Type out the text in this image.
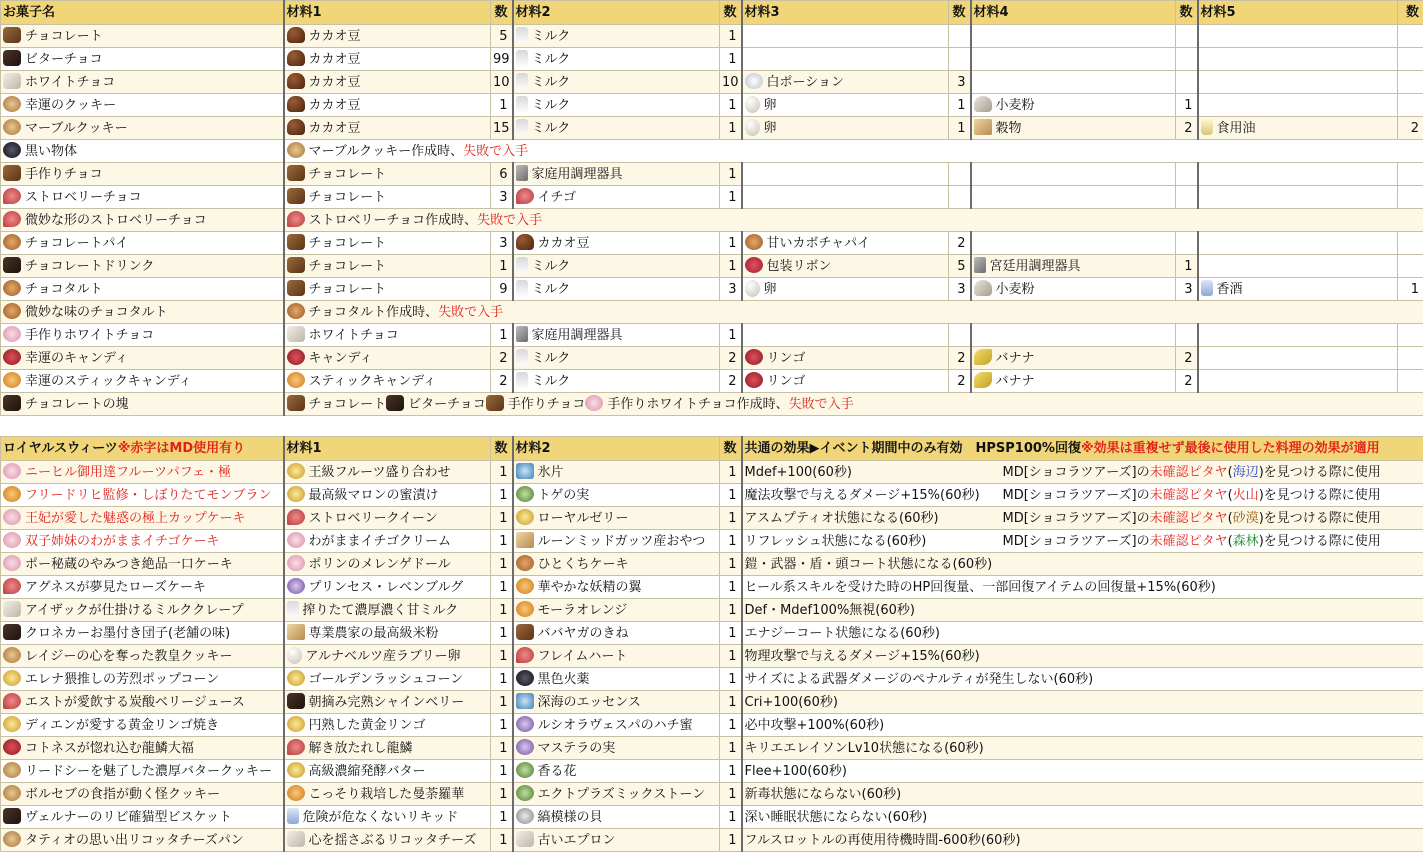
お菓子名	材料1	数	材料2	数	材料3	数	材料4	数	材料5	数
チョコレート	カカオ豆	5	ミルク	1						
ビターチョコ	カカオ豆	99	ミルク	1						
ホワイトチョコ	カカオ豆	10	ミルク	10	白ポーション	3				
幸運のクッキー	カカオ豆	1	ミルク	1	卵	1	小麦粉	1		
マーブルクッキー	カカオ豆	15	ミルク	1	卵	1	穀物	2	食用油	2
黒い物体	マーブルクッキー作成時、失敗で入手									
手作りチョコ	チョコレート	6	家庭用調理器具	1						
ストロベリーチョコ	チョコレート	3	イチゴ	1						
微妙な形のストロベリーチョコ	ストロベリーチョコ作成時、失敗で入手									
チョコレートパイ	チョコレート	3	カカオ豆	1	甘いカボチャパイ	2				
チョコレートドリンク	チョコレート	1	ミルク	1	包装リボン	5	宮廷用調理器具	1		
チョコタルト	チョコレート	9	ミルク	3	卵	3	小麦粉	3	香酒	1
微妙な味のチョコタルト	チョコタルト作成時、失敗で入手									
手作りホワイトチョコ	ホワイトチョコ	1	家庭用調理器具	1						
幸運のキャンディ	キャンディ	2	ミルク	2	リンゴ	2	バナナ	2		
幸運のスティックキャンディ	スティックキャンディ	2	ミルク	2	リンゴ	2	バナナ	2		
チョコレートの塊	チョコレート ビターチョコ 手作りチョコ 手作りホワイトチョコ作成時、失敗で入手									
ロイヤルスウィーツ※赤字はMD使用有り	材料1	数	材料2	数	共通の効果▶イベント期間中のみ有効　HPSP100%回復※効果は重複せず最後に使用した料理の効果が適用
ニーヒル御用達フルーツパフェ・極	王級フルーツ盛り合わせ	1	氷片	1	Mdef+100(60秒) MD[ショコラツアーズ]の未確認ピタヤ(海辺)を見つける際に使用
フリードリヒ監修・しぼりたてモンブラン	最高級マロンの蜜漬け	1	トゲの実	1	魔法攻撃で与えるダメージ+15%(60秒) MD[ショコラツアーズ]の未確認ピタヤ(火山)を見つける際に使用
王妃が愛した魅惑の極上カップケーキ	ストロベリークイーン	1	ローヤルゼリー	1	アスムプティオ状態になる(60秒) MD[ショコラツアーズ]の未確認ピタヤ(砂漠)を見つける際に使用
双子姉妹のわがままイチゴケーキ	わがままイチゴクリーム	1	ルーンミッドガッツ産おやつ	1	リフレッシュ状態になる(60秒) MD[ショコラツアーズ]の未確認ピタヤ(森林)を見つける際に使用
ポー秘蔵のやみつき絶品一口ケーキ	ポリンのメレンゲドール	1	ひとくちケーキ	1	鎧・武器・盾・頭コート状態になる(60秒)
アグネスが夢見たローズケーキ	プリンセス・レベンブルグ	1	華やかな妖精の翼	1	ヒール系スキルを受けた時のHP回復量、一部回復アイテムの回復量+15%(60秒)
アイザックが仕掛けるミルククレープ	搾りたて濃厚濃く甘ミルク	1	モーラオレンジ	1	Def・Mdef100%無視(60秒)
クロネカーお墨付き団子(老舗の味)	専業農家の最高級米粉	1	ババヤガのきね	1	エナジーコート状態になる(60秒)
レイジーの心を奪った教皇クッキー	アルナベルツ産ラブリー卵	1	フレイムハート	1	物理攻撃で与えるダメージ+15%(60秒)
エレナ猥推しの芳烈ポップコーン	ゴールデンラッシュコーン	1	黒色火薬	1	サイズによる武器ダメージのペナルティが発生しない(60秒)
エストが愛飲する炭酸ベリージュース	朝摘み完熟シャインベリー	1	深海のエッセンス	1	Cri+100(60秒)
ディエンが愛する黄金リンゴ焼き	円熟した黄金リンゴ	1	ルシオラヴェスパのハチ蜜	1	必中攻撃+100%(60秒)
コトネスが惚れ込む龍鱗大福	解き放たれし龍鱗	1	マステラの実	1	キリエエレイソンLv10状態になる(60秒)
リードシーを魅了した濃厚バタークッキー	高級濃縮発酵バター	1	香る花	1	Flee+100(60秒)
ボルセブの食指が動く怪クッキー	こっそり栽培した曼荼羅華	1	エクトプラズミックストーン	1	新毒状態にならない(60秒)
ヴェルナーのリビ確猫型ビスケット	危険が危なくないリキッド	1	縞模様の貝	1	深い睡眠状態にならない(60秒)
タティオの思い出リコッタチーズパン	心を揺さぶるリコッタチーズ	1	古いエプロン	1	フルスロットルの再使用待機時間-600秒(60秒)
